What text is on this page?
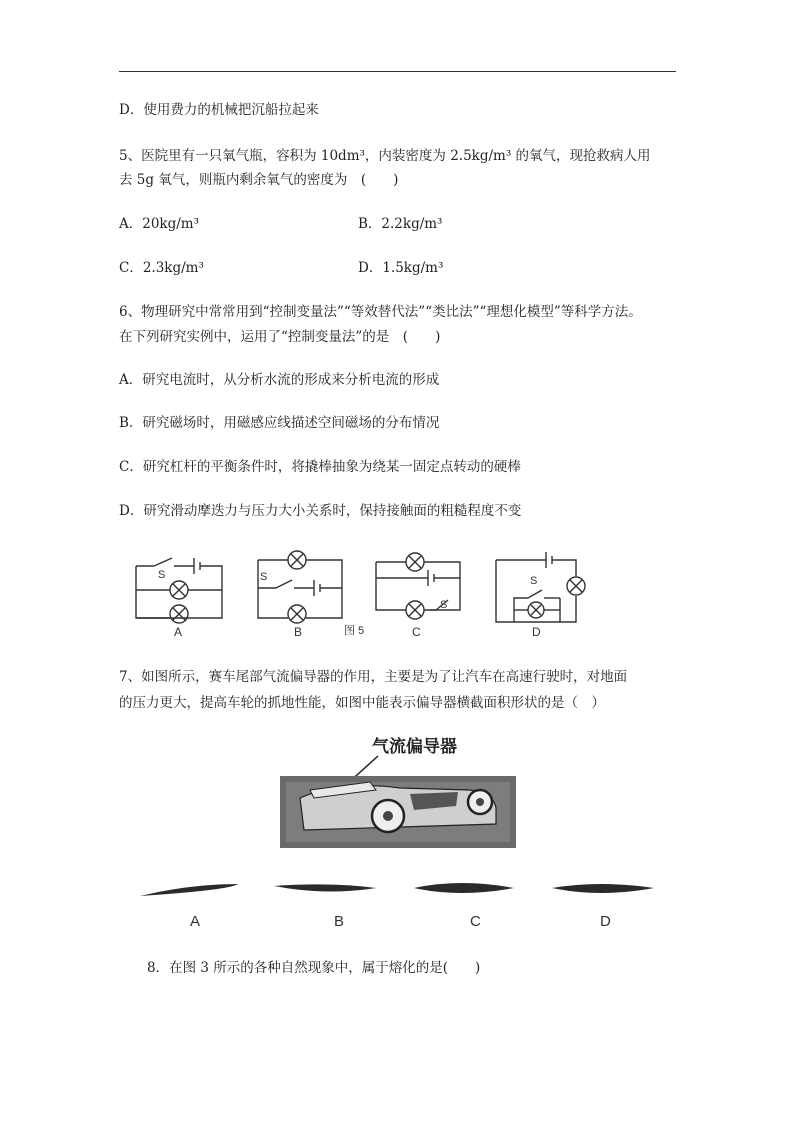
D．使用费力的机械把沉船拉起来
5、医院里有一只氧气瓶，容积为 10dm³，内装密度为 2.5kg/m³ 的氧气，现抢救病人用
去 5g 氧气，则瓶内剩余氧气的密度为　(　　)
A．20kg/m³	B．2.2kg/m³
C．2.3kg/m³	D．1.5kg/m³
6、物理研究中常常用到“控制变量法”“等效替代法”“类比法”“理想化模型”等科学方法。
在下列研究实例中，运用了“控制变量法”的是　(　　)
A．研究电流时，从分析水流的形成来分析电流的形成
B．研究磁场时，用磁感应线描述空间磁场的分布情况
C．研究杠杆的平衡条件时，将撬棒抽象为绕某一固定点转动的硬棒
D．研究滑动摩迭力与压力大小关系时，保持接触面的粗糙程度不变
S	S
S
S
A	B	图 5	C	D
7、如图所示，赛车尾部气流偏导器的作用，主要是为了让汽车在高速行驶时，对地面
的压力更大，提高车轮的抓地性能，如图中能表示偏导器横截面积形状的是（　）
气流偏导器
A	B	C	D
8．在图 3 所示的各种自然现象中，属于熔化的是(　　)
